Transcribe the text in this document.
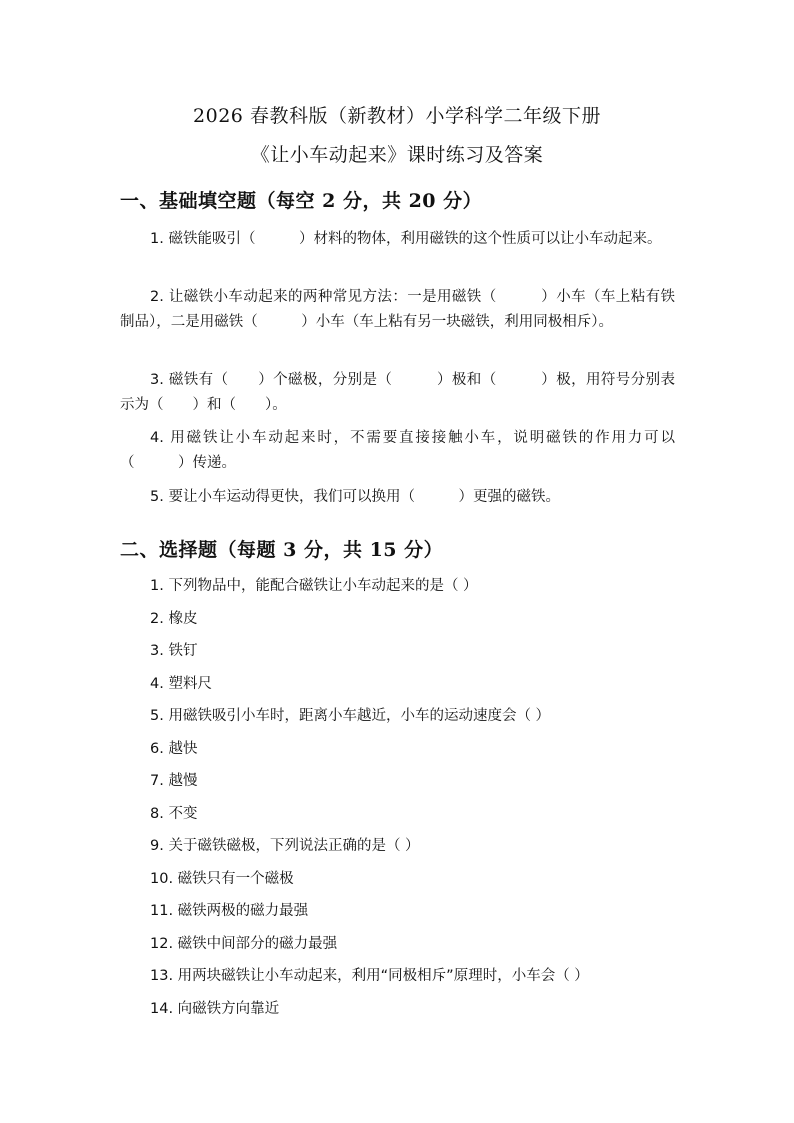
2026 春教科版（新教材）小学科学二年级下册
《让小车动起来》课时练习及答案
一、基础填空题（每空 2 分，共 20 分）
1. 磁铁能吸引（　　　）材料的物体，利用磁铁的这个性质可以让小车动起来。
2. 让磁铁小车动起来的两种常见方法：一是用磁铁（　　　）小车（车上粘有铁制品），二是用磁铁（　　　）小车（车上粘有另一块磁铁，利用同极相斥）。
3. 磁铁有（　　）个磁极，分别是（　　　）极和（　　　）极，用符号分别表示为（　　）和（　　）。
4. 用磁铁让小车动起来时，不需要直接接触小车，说明磁铁的作用力可以（　　　）传递。
5. 要让小车运动得更快，我们可以换用（　　　）更强的磁铁。
二、选择题（每题 3 分，共 15 分）
1. 下列物品中，能配合磁铁让小车动起来的是（ ）
2. 橡皮
3. 铁钉
4. 塑料尺
5. 用磁铁吸引小车时，距离小车越近，小车的运动速度会（ ）
6. 越快
7. 越慢
8. 不变
9. 关于磁铁磁极，下列说法正确的是（ ）
10. 磁铁只有一个磁极
11. 磁铁两极的磁力最强
12. 磁铁中间部分的磁力最强
13. 用两块磁铁让小车动起来，利用“同极相斥”原理时，小车会（ ）
14. 向磁铁方向靠近
